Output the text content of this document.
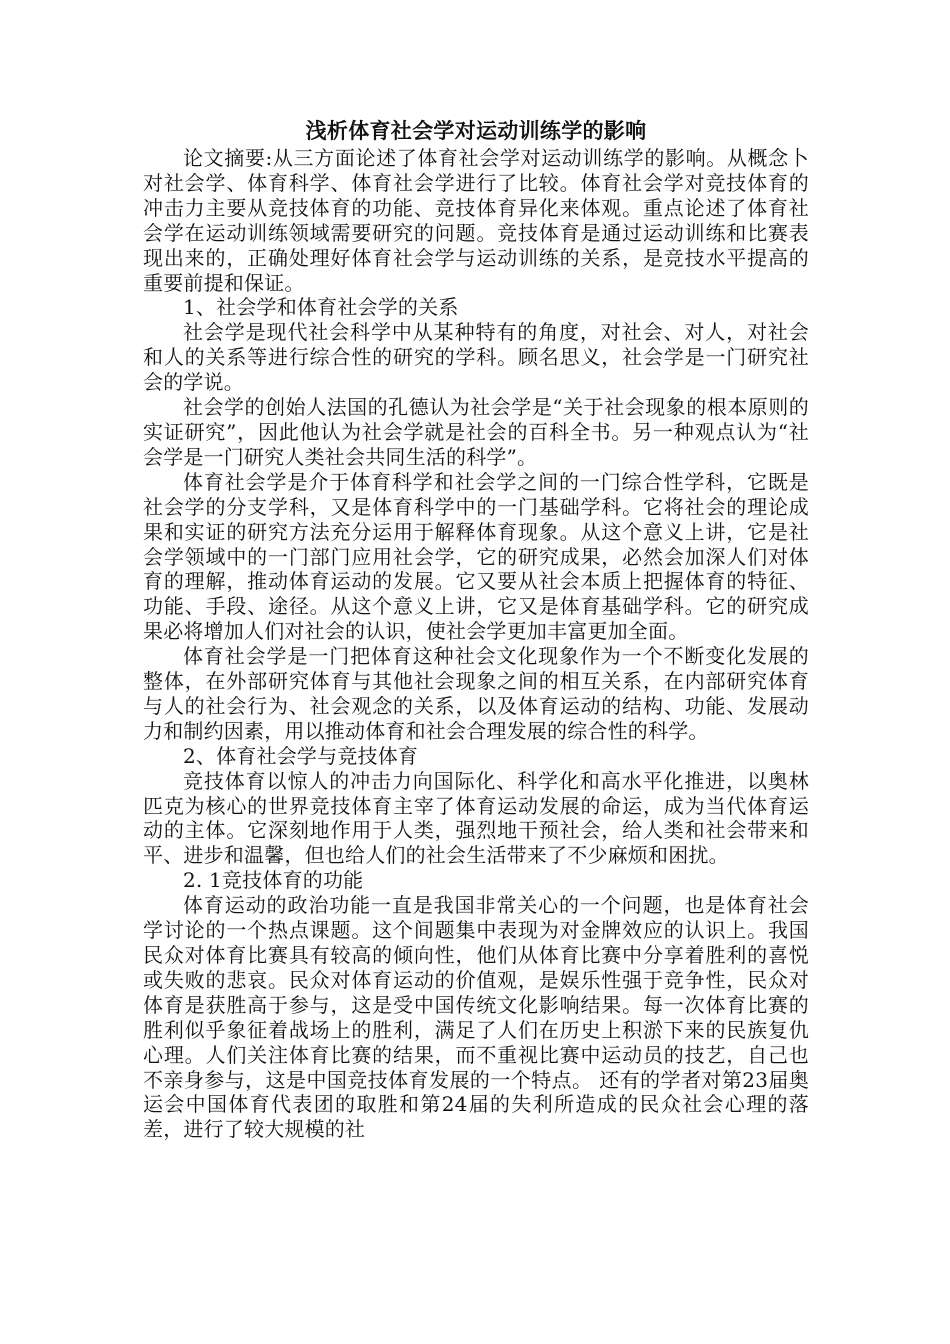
浅析体育社会学对运动训练学的影响

论文摘要:从三方面论述了体育社会学对运动训练学的影响。从概念卜对社会学、体育科学、体育社会学进行了比较。体育社会学对竞技体育的冲击力主要从竞技体育的功能、竞技体育异化来体观。重点论述了体育社会学在运动训练领域需要研究的问题。竞技体育是通过运动训练和比赛表现出来的，正确处理好体育社会学与运动训练的关系，是竞技水平提高的重要前提和保证。

1、社会学和体育社会学的关系

社会学是现代社会科学中从某种特有的角度，对社会、对人，对社会和人的关系等进行综合性的研究的学科。顾名思义，社会学是一门研究社会的学说。

社会学的创始人法国的孔德认为社会学是“关于社会现象的根本原则的实证研究”，因此他认为社会学就是社会的百科全书。另一种观点认为“社会学是一门研究人类社会共同生活的科学”。

体育社会学是介于体育科学和社会学之间的一门综合性学科，它既是社会学的分支学科，又是体育科学中的一门基础学科。它将社会的理论成果和实证的研究方法充分运用于解释体育现象。从这个意义上讲，它是社会学领域中的一门部门应用社会学，它的研究成果，必然会加深人们对体育的理解，推动体育运动的发展。它又要从社会本质上把握体育的特征、功能、手段、途径。从这个意义上讲，它又是体育基础学科。它的研究成果必将增加人们对社会的认识，使社会学更加丰富更加全面。

体育社会学是一门把体育这种社会文化现象作为一个不断变化发展的整体，在外部研究体育与其他社会现象之间的相互关系，在内部研究体育与人的社会行为、社会观念的关系，以及体育运动的结构、功能、发展动力和制约因素，用以推动体育和社会合理发展的综合性的科学。

2、体育社会学与竞技体育

竞技体育以惊人的冲击力向国际化、科学化和高水平化推进，以奥林匹克为核心的世界竞技体育主宰了体育运动发展的命运，成为当代体育运动的主体。它深刻地作用于人类，强烈地干预社会，给人类和社会带来和平、进步和温馨，但也给人们的社会生活带来了不少麻烦和困扰。

2. 1竞技体育的功能

体育运动的政治功能一直是我国非常关心的一个问题，也是体育社会学讨论的一个热点课题。这个间题集中表现为对金牌效应的认识上。我国民众对体育比赛具有较高的倾向性，他们从体育比赛中分享着胜利的喜悦或失败的悲哀。民众对体育运动的价值观，是娱乐性强于竞争性，民众对体育是获胜高于参与，这是受中国传统文化影响结果。每一次体育比赛的胜利似乎象征着战场上的胜利，满足了人们在历史上积淤下来的民族复仇心理。人们关注体育比赛的结果，而不重视比赛中运动员的技艺，自己也不亲身参与，这是中国竞技体育发展的一个特点。 还有的学者对第23届奥运会中国体育代表团的取胜和第24届的失利所造成的民众社会心理的落差，进行了较大规模的社
